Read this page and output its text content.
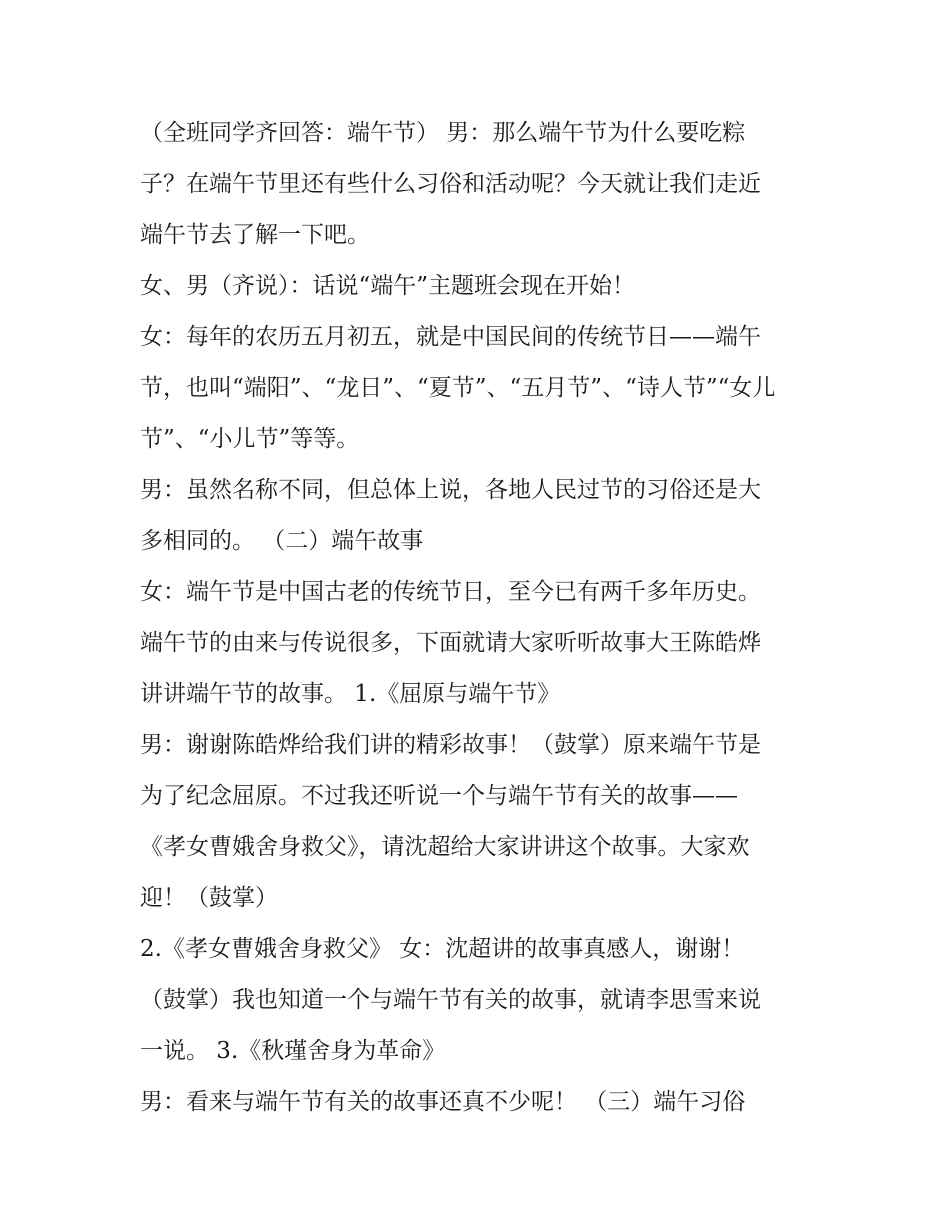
（全班同学齐回答：端午节） 男：那么端午节为什么要吃粽
子？在端午节里还有些什么习俗和活动呢？今天就让我们走近
端午节去了解一下吧。
女、男（齐说）：话说“端午”主题班会现在开始！
女：每年的农历五月初五，就是中国民间的传统节日——端午
节，也叫“端阳”、“龙日”、“夏节”、“五月节”、“诗人节”“女儿
节”、“小儿节”等等。
男：虽然名称不同，但总体上说，各地人民过节的习俗还是大
多相同的。 （二）端午故事
女：端午节是中国古老的传统节日，至今已有两千多年历史。
端午节的由来与传说很多，下面就请大家听听故事大王陈皓烨
讲讲端午节的故事。 1.《屈原与端午节》
男：谢谢陈皓烨给我们讲的精彩故事！（鼓掌）原来端午节是
为了纪念屈原。不过我还听说一个与端午节有关的故事——
《孝女曹娥舍身救父》，请沈超给大家讲讲这个故事。大家欢
迎！（鼓掌）
2.《孝女曹娥舍身救父》 女：沈超讲的故事真感人，谢谢！
（鼓掌）我也知道一个与端午节有关的故事，就请李思雪来说
一说。 3.《秋瑾舍身为革命》
男：看来与端午节有关的故事还真不少呢！ （三）端午习俗
